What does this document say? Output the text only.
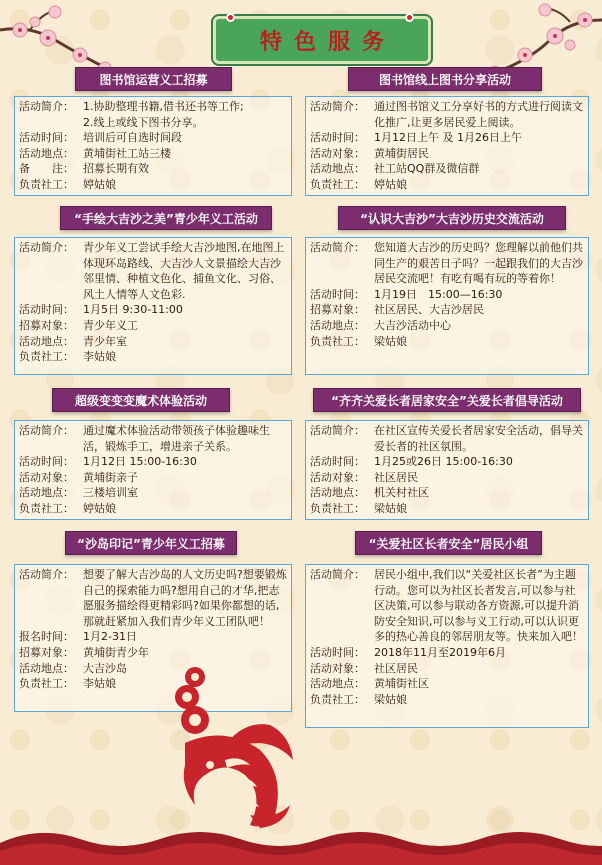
特色服务
图书馆运营义工招募
活动简介： 1.协助整理书籍,借书还书等工作;
2.线上或线下图书分享。
活动时间： 培训后可自选时间段
活动地点： 黄埔街社工站三楼
备　　注： 招募长期有效
负责社工： 婷姑娘
图书馆线上图书分享活动
活动简介： 通过图书馆义工分享好书的方式进行阅读文化推广,让更多居民爱上阅读。
活动时间： 1月12日上午 及 1月26日上午
活动对象： 黄埔街居民
活动地点： 社工站QQ群及微信群
负责社工： 婷姑娘
“手绘大吉沙之美”青少年义工活动
活动简介： 青少年义工尝试手绘大吉沙地图,在地图上体现环岛路线、大吉沙人文景描绘大吉沙邻里情、种植文色化、捕鱼文化、习俗、风土人情等人文色彩.
活动时间： 1月5日 9:30-11:00
招募对象： 青少年义工
活动地点： 青少年室
负责社工： 李姑娘
“认识大吉沙”大吉沙历史交流活动
活动简介： 您知道大吉沙的历史吗？您理解以前他们共同生产的艰苦日子吗？一起跟我们的大吉沙居民交流吧！有吃有喝有玩的等着你！
活动时间： 1月19日　15:00—16:30
招募对象： 社区居民、大吉沙居民
活动地点： 大吉沙活动中心
负责社工： 梁姑娘
超级变变变魔术体验活动
活动简介： 通过魔术体验活动带领孩子体验趣味生活，锻炼手工，增进亲子关系。
活动时间： 1月12日 15:00-16:30
活动对象： 黄埔街亲子
活动地点： 三楼培训室
负责社工： 婷姑娘
“齐齐关爱长者居家安全”关爱长者倡导活动
活动简介： 在社区宣传关爱长者居家安全活动，倡导关爱长者的社区氛围。
活动时间： 1月25或26日 15:00-16:30
活动对象： 社区居民
活动地点： 机关村社区
负责社工： 梁姑娘
“沙岛印记”青少年义工招募
活动简介： 想要了解大吉沙岛的人文历史吗?想要锻炼自己的探索能力吗?想用自己的才华,把志愿服务描绘得更精彩吗?如果你都想的话,那就赶紧加入我们青少年义工团队吧！
报名时间： 1月2-31日
招募对象： 黄埔街青少年
活动地点： 大吉沙岛
负责社工： 李姑娘
“关爱社区长者安全”居民小组
活动简介： 居民小组中,我们以“关爱社区长者”为主题行动。您可以为社区长者发言,可以参与社区决策,可以参与联动各方资源,可以提升消防安全知识,可以参与义工行动,可以认识更多的热心善良的邻居朋友等。快来加入吧！
活动时间： 2018年11月至2019年6月
活动对象： 社区居民
活动地点： 黄埔街社区
负责社工： 梁姑娘
